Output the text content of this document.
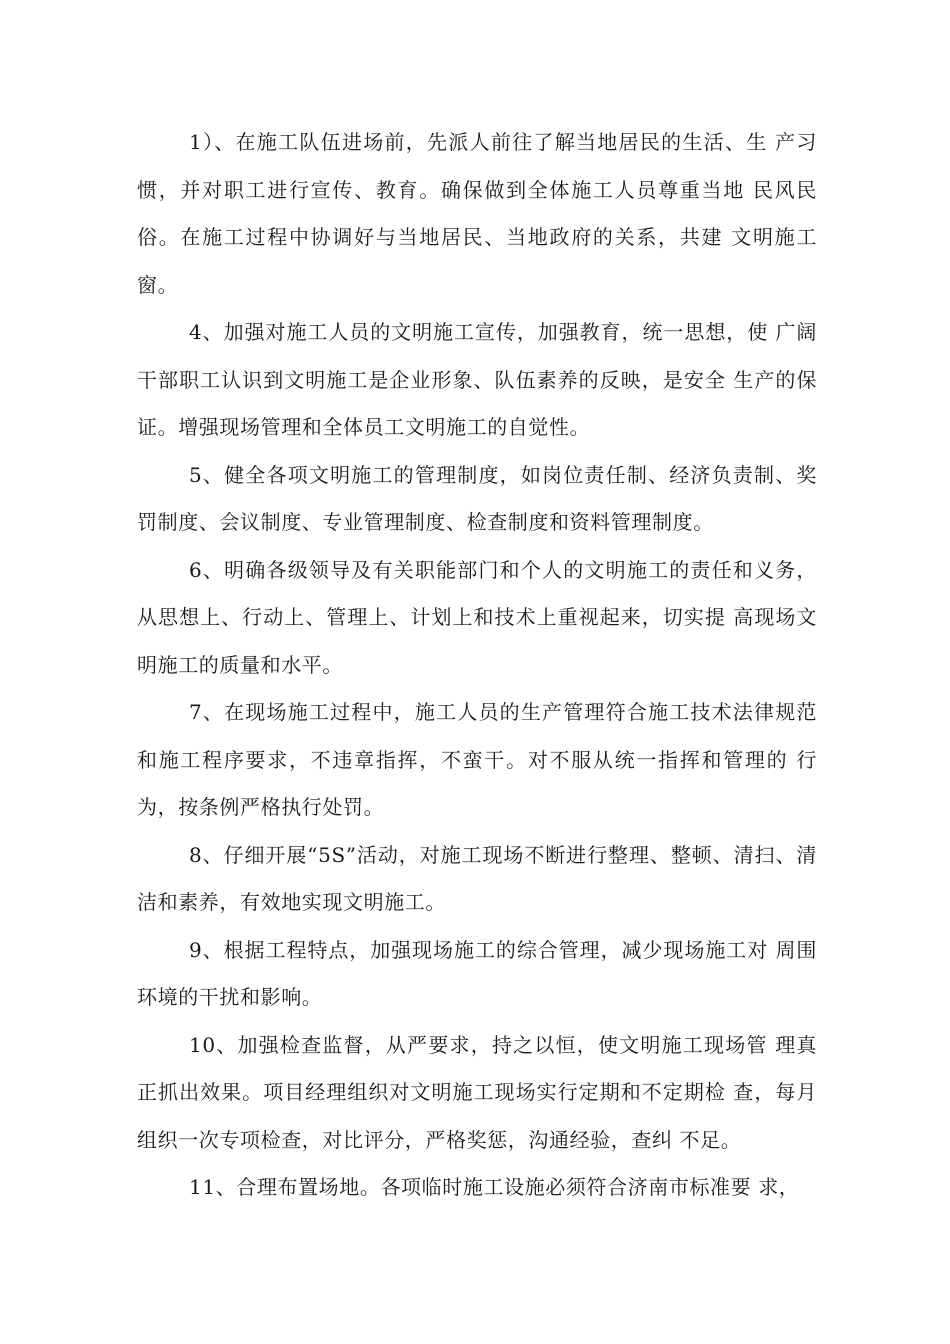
1）、在施工队伍进场前，先派人前往了解当地居民的生活、生 产习惯，并对职工进行宣传、教育。确保做到全体施工人员尊重当地 民风民俗。在施工过程中协调好与当地居民、当地政府的关系，共建 文明施工窗。

4、加强对施工人员的文明施工宣传，加强教育，统一思想，使 广阔干部职工认识到文明施工是企业形象、队伍素养的反映，是安全 生产的保证。增强现场管理和全体员工文明施工的自觉性。

5、健全各项文明施工的管理制度，如岗位责任制、经济负责制、奖罚制度、会议制度、专业管理制度、检查制度和资料管理制度。

6、明确各级领导及有关职能部门和个人的文明施工的责任和义务，从思想上、行动上、管理上、计划上和技术上重视起来，切实提 高现场文明施工的质量和水平。

7、在现场施工过程中，施工人员的生产管理符合施工技术法律规范和施工程序要求，不违章指挥，不蛮干。对不服从统一指挥和管理的 行为，按条例严格执行处罚。

8、仔细开展“5S”活动，对施工现场不断进行整理、整顿、清扫、清洁和素养，有效地实现文明施工。

9、根据工程特点，加强现场施工的综合管理，减少现场施工对 周围环境的干扰和影响。

10、加强检查监督，从严要求，持之以恒，使文明施工现场管 理真正抓出效果。项目经理组织对文明施工现场实行定期和不定期检 查，每月组织一次专项检查，对比评分，严格奖惩，沟通经验，查纠 不足。

11、合理布置场地。各项临时施工设施必须符合济南市标准要 求，
